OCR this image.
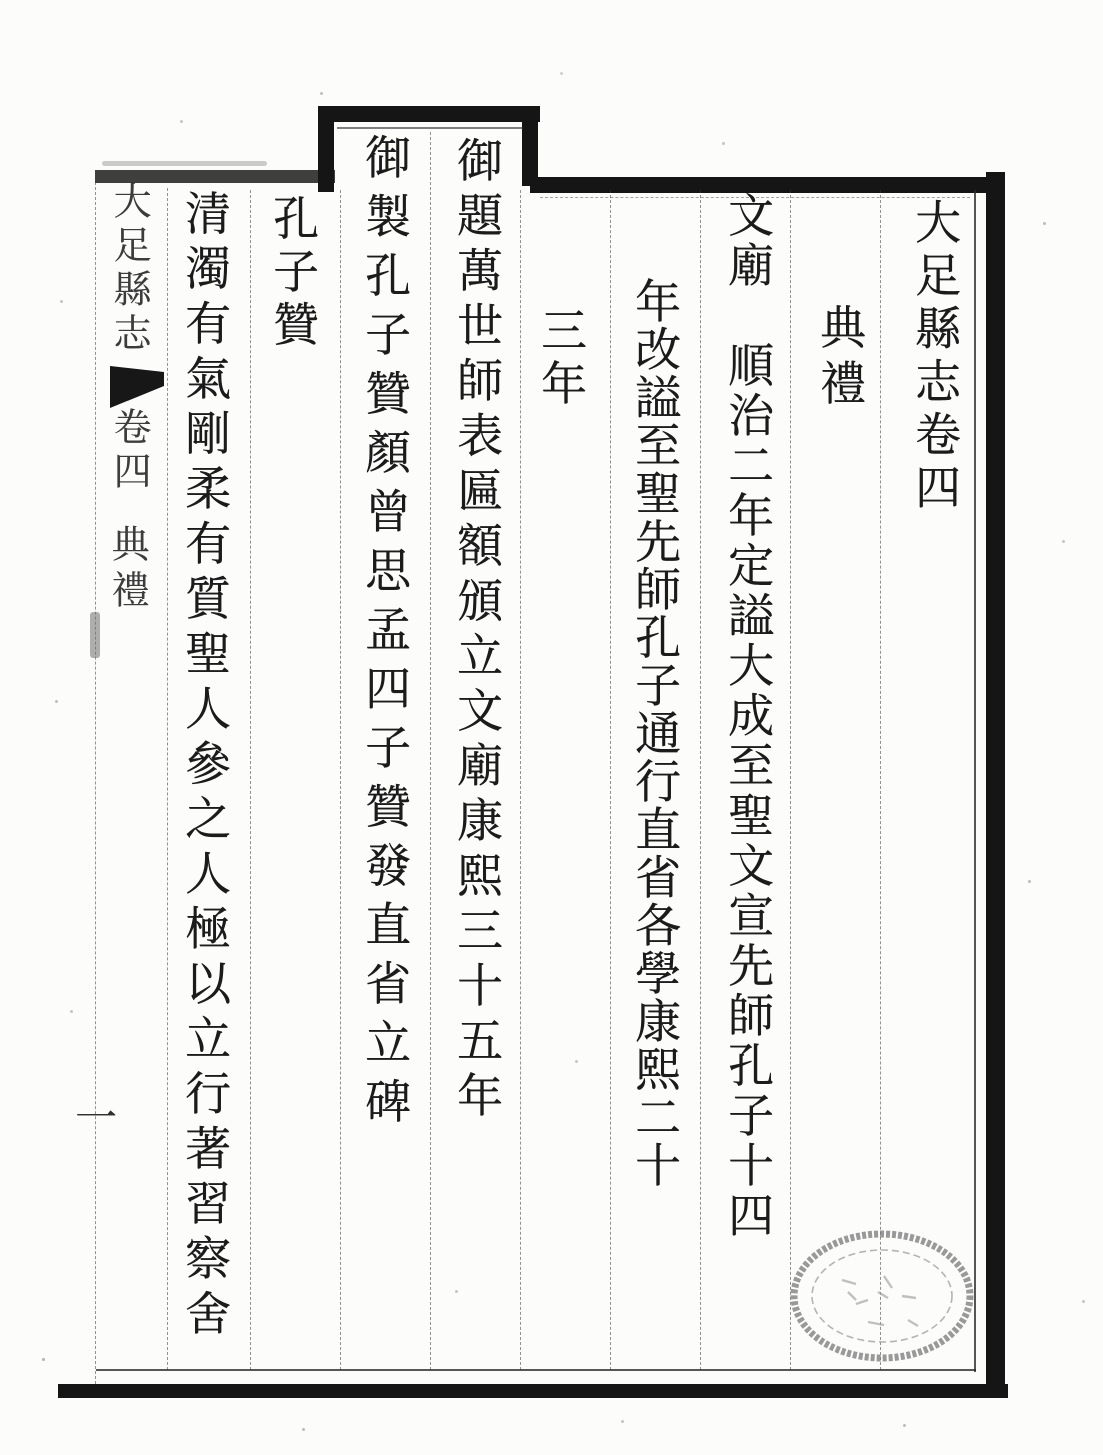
大足縣志卷四
典禮
文廟　順治二年定謚大成至聖文宣先師孔子十四
年改謚至聖先師孔子通行直省各學康熙二十
三年
御題萬世師表匾額頒立文廟康熙三十五年
御製孔子贊顏曾思孟四子贊發直省立碑
孔子贊
清濁有氣剛柔有質聖人參之人極以立行著習察舍
大足縣志
卷四
典禮
一
